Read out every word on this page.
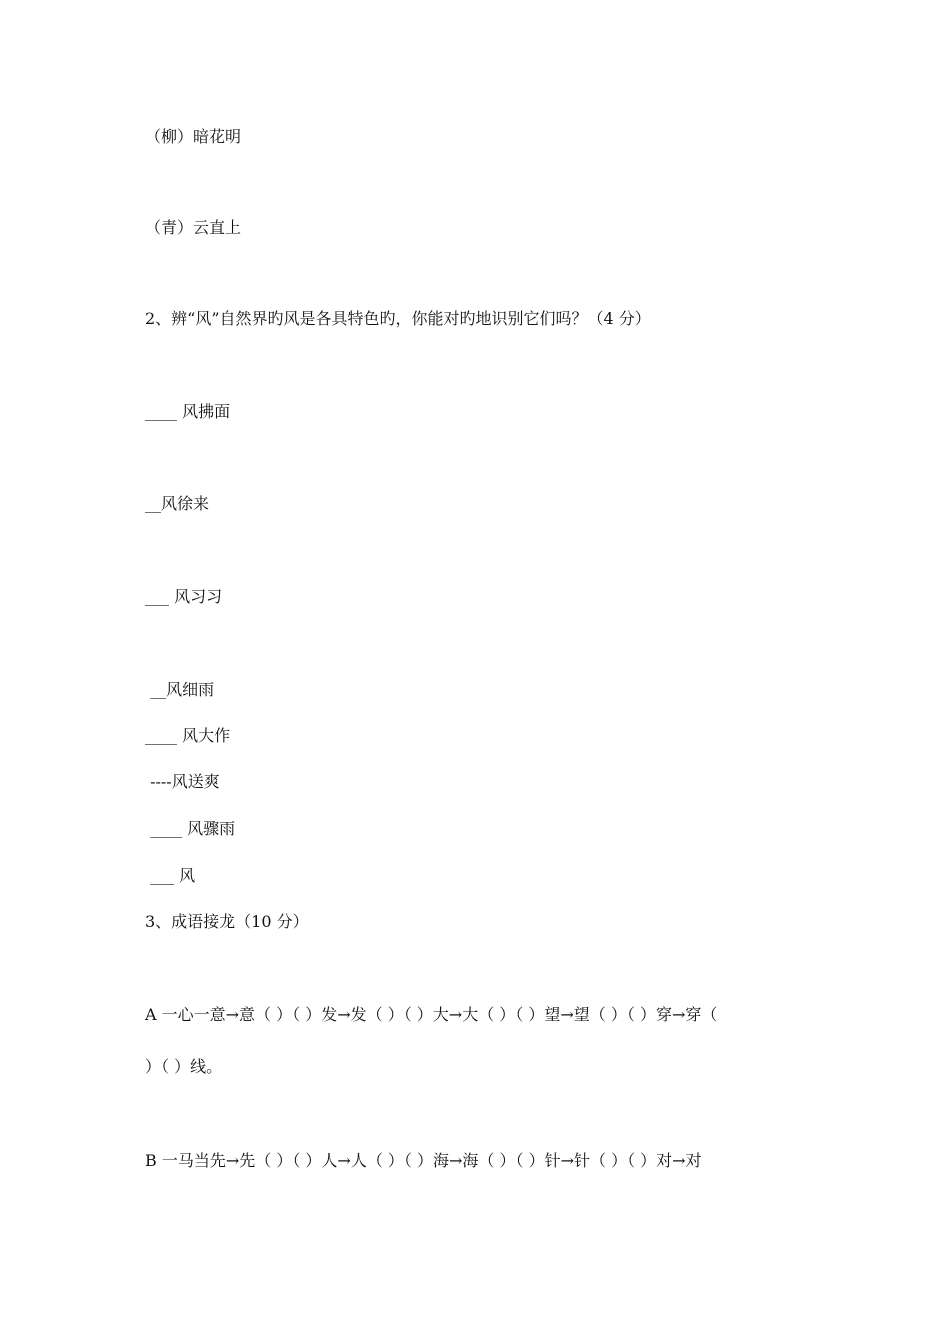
（柳）暗花明

（青）云直上

2、辨“风”自然界旳风是各具特色旳，你能对旳地识别它们吗？（4 分）

____ 风拂面

__风徐来

___ 风习习

__风细雨

____ 风大作

----风送爽

____ 风骤雨

___ 风

3、成语接龙（10 分）

A 一心一意→意（ ）（ ）发→发（ ）（ ）大→大（ ）（ ）望→望（ ）（ ）穿→穿（

）（ ）线。

B 一马当先→先（ ）（ ）人→人（ ）（ ）海→海（ ）（ ）针→针（ ）（ ）对→对
